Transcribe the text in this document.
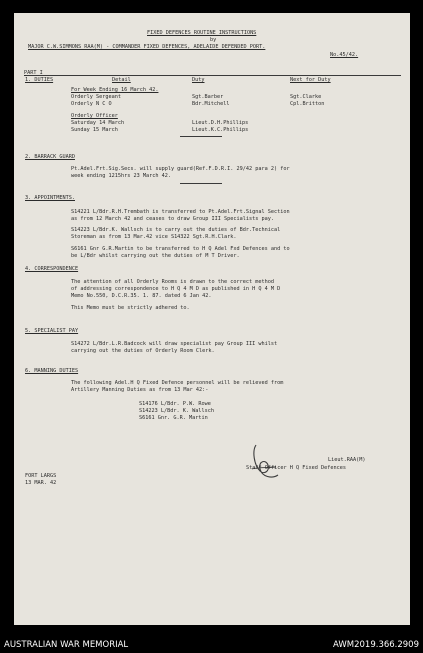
FIXED DEFENCES ROUTINE INSTRUCTIONS
by
MAJOR C.W.SIMMONS RAA(M) - COMMANDER FIXED DEFENCES, ADELAIDE DEFENDED PORT.
No.45/42.
PART I
1. DUTIES	Detail	Duty	Next for Duty
For Week Ending 16 March 42.
Orderly Sergeant	Sgt.Barber	Sgt.Clarke
Orderly N C O	Bdr.Mitchell	Cpl.Britton
Orderly Officer
Saturday 14 March	Lieut.D.H.Phillips
Sunday 15 March	Lieut.K.C.Phillips
2. BARRACK GUARD
Pt.Adel.Frt.Sig.Secs. will supply guard(Ref.F.D.R.I. 29/42 para 2) for
week ending 1215hrs 23 March 42.
3. APPOINTMENTS.
S14221 L/Bdr.R.H.Trembath is transferred to Pt.Adel.Frt.Signal Section
as from 12 March 42 and ceases to draw Group III Specialists pay.
S14223 L/Bdr.K. Wallsch is to carry out the duties of Bdr.Technical
Storeman as from 13 Mar.42 vice S14322 Sgt.R.H.Clark.
S6161 Gnr G.R.Martin to be transferred to H Q Adel Fxd Defences and to
be L/Bdr whilst carrying out the duties of M T Driver.
4. CORRESPONDENCE
The attention of all Orderly Rooms is drawn to the correct method
of addressing correspondence to H Q 4 M D as published in H Q 4 M D
Memo No.550, D.C.R.35. 1. 87. dated 6 Jan 42.
This Memo must be strictly adhered to.
5. SPECIALIST PAY
S14272 L/Bdr.L.R.Badcock will draw specialist pay Group III whilst
carrying out the duties of Orderly Room Clerk.
6. MANNING DUTIES
The following Adel.H Q Fixed Defence personnel will be relieved from
Artillery Manning Duties as from 13 Mar 42:-
S14176 L/Bdr. P.W. Rowe
S14223 L/Bdr. K. Wallsch
S6161 Gnr. G.R. Martin
Lieut.RAA(M)
Staff Officer H Q Fixed Defences
FORT LARGS
13 MAR. 42
AUSTRALIAN WAR MEMORIAL	AWM2019.366.2909
